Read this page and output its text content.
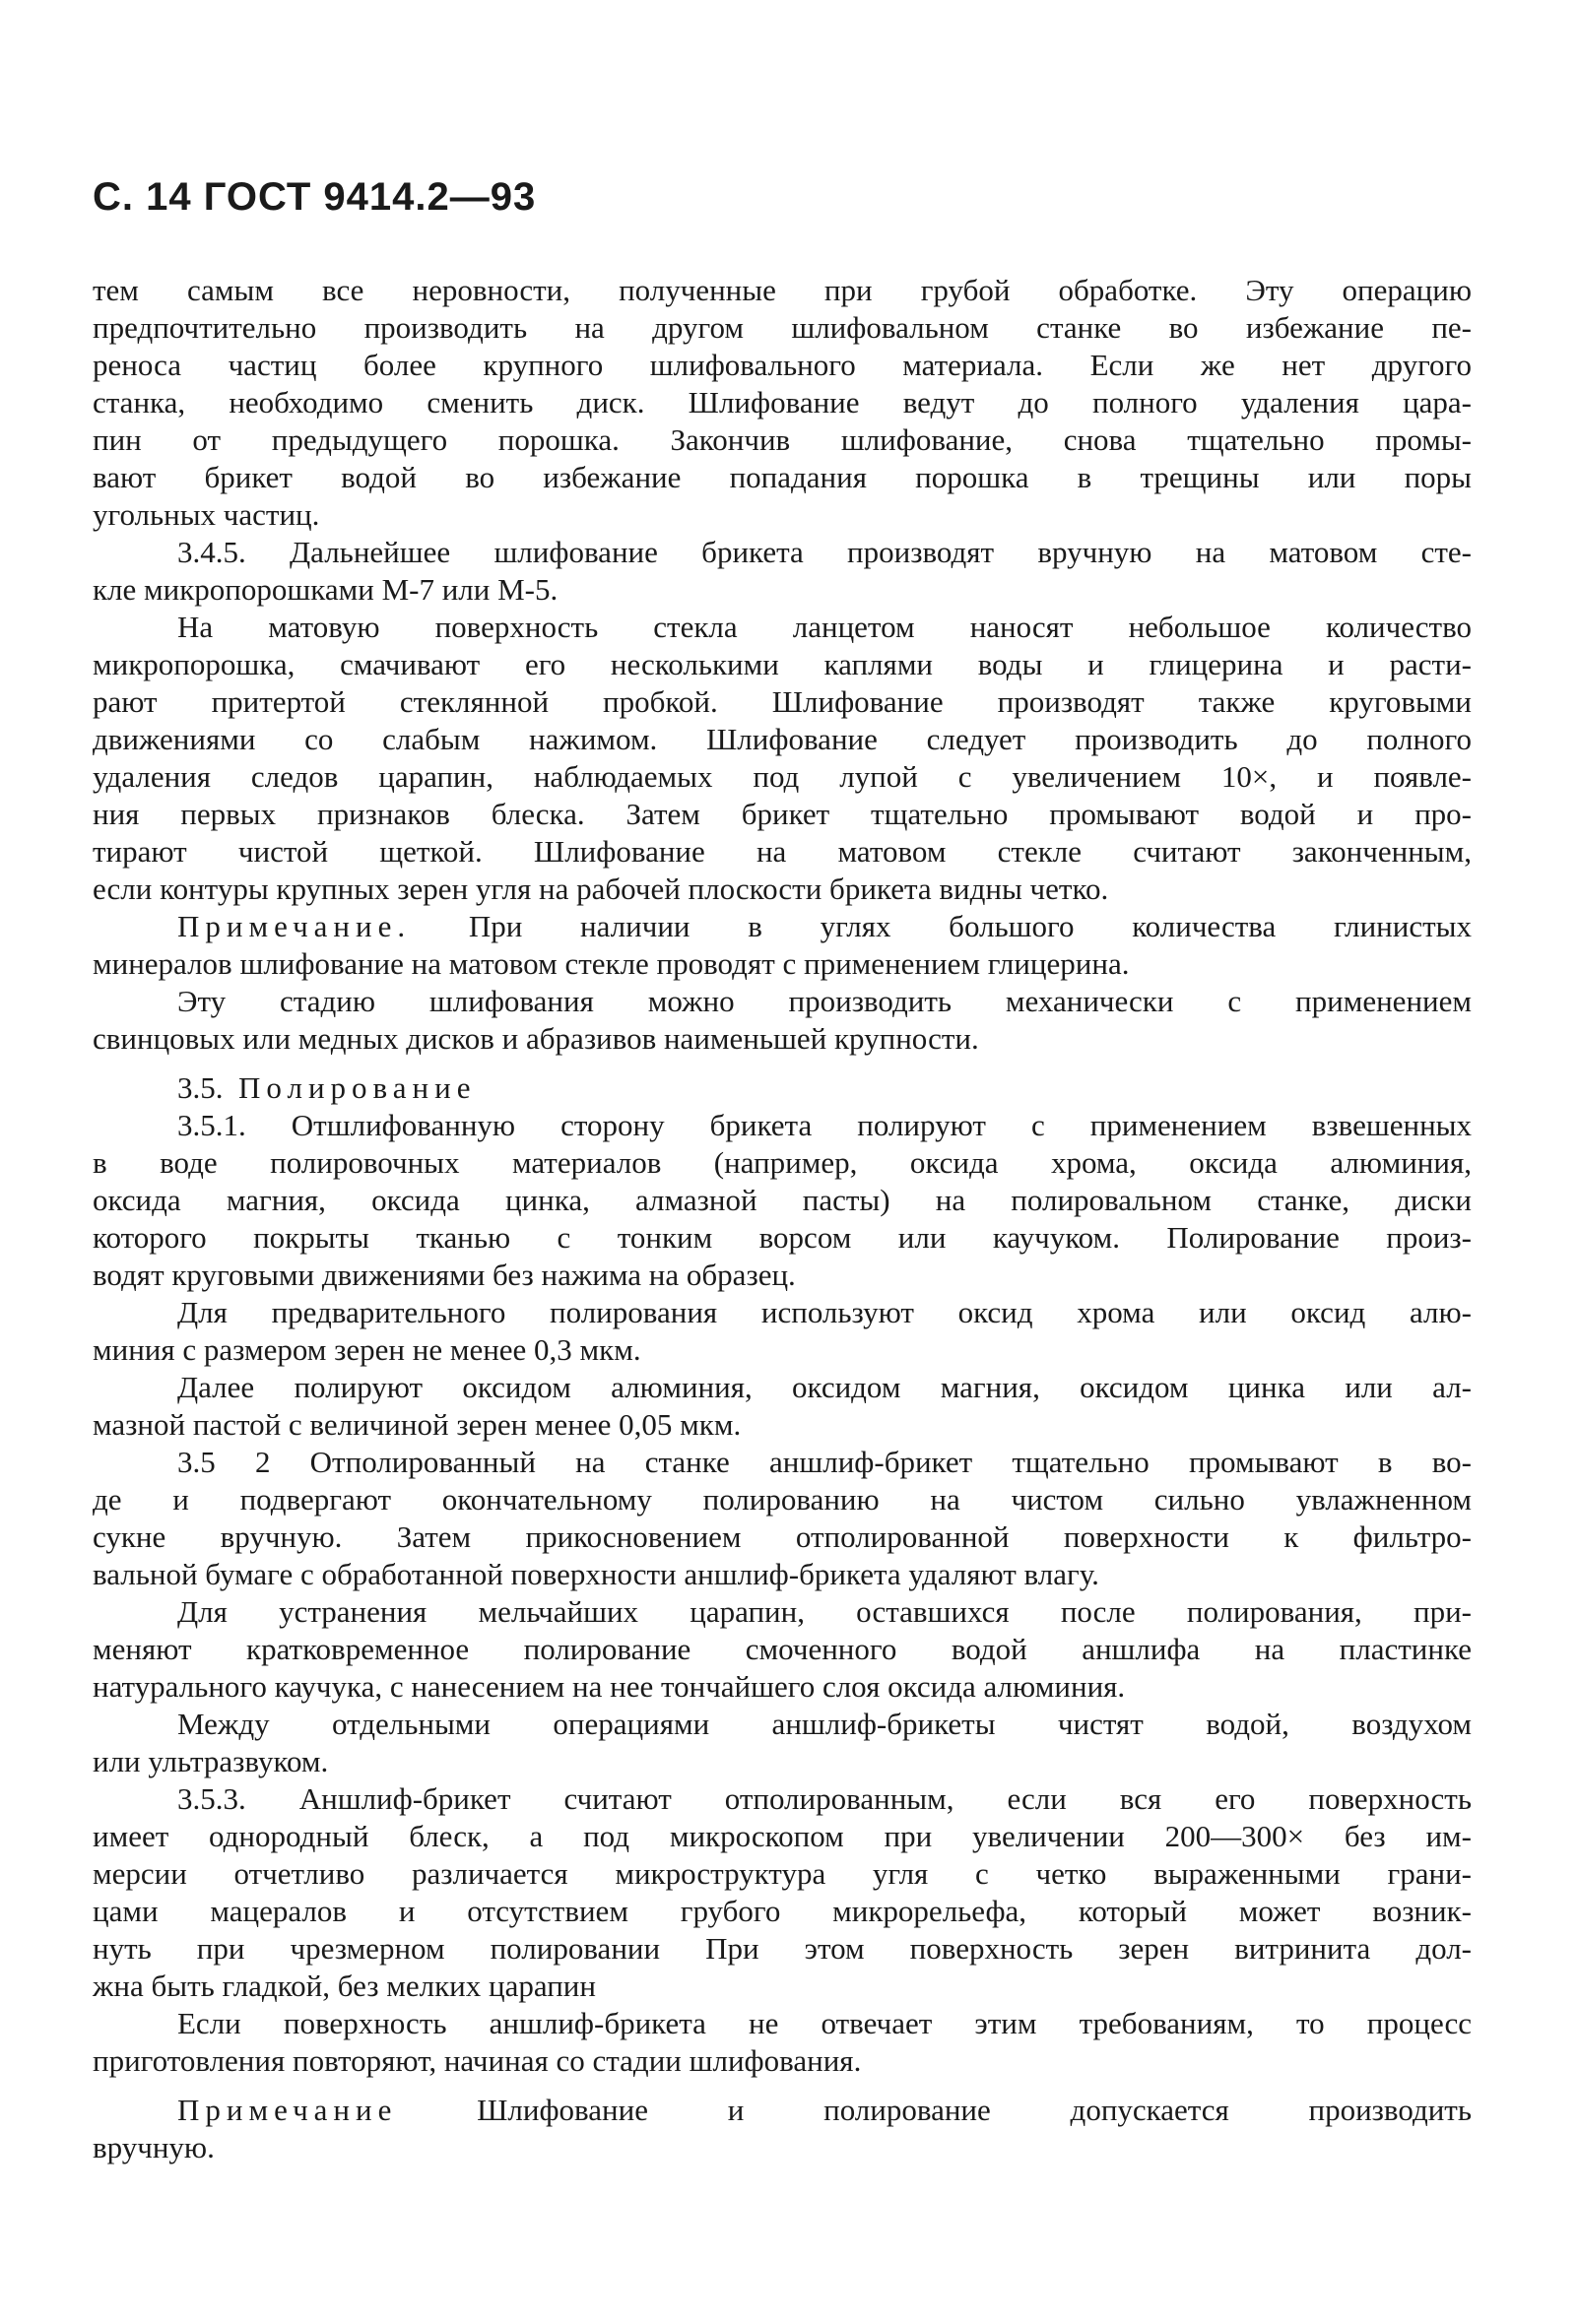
С. 14 ГОСТ 9414.2—93
тем самым все неровности, полученные при грубой обработке. Эту операцию
предпочтительно производить на другом шлифовальном станке во избежание пе-
реноса частиц более крупного шлифовального материала. Если же нет другого
станка, необходимо сменить диск. Шлифование ведут до полного удаления цара-
пин от предыдущего порошка. Закончив шлифование, снова тщательно промы-
вают брикет водой во избежание попадания порошка в трещины или поры
угольных частиц.
3.4.5. Дальнейшее шлифование брикета производят вручную на матовом сте-
кле микропорошками М-7 или М-5.
На матовую поверхность стекла ланцетом наносят небольшое количество
микропорошка, смачивают его несколькими каплями воды и глицерина и расти-
рают притертой стеклянной пробкой. Шлифование производят также круговыми
движениями со слабым нажимом. Шлифование следует производить до полного
удаления следов царапин, наблюдаемых под лупой с увеличением 10×, и появле-
ния первых признаков блеска. Затем брикет тщательно промывают водой и про-
тирают чистой щеткой. Шлифование на матовом стекле считают законченным,
если контуры крупных зерен угля на рабочей плоскости брикета видны четко.
Примечание. При наличии в углях большого количества глинистых
минералов шлифование на матовом стекле проводят с применением глицерина.
Эту стадию шлифования можно производить механически с применением
свинцовых или медных дисков и абразивов наименьшей крупности.
3.5.  Полирование
3.5.1. Отшлифованную сторону брикета полируют с применением взвешенных
в воде полировочных материалов (например, оксида хрома, оксида алюминия,
оксида магния, оксида цинка, алмазной пасты) на полировальном станке, диски
которого покрыты тканью с тонким ворсом или каучуком. Полирование произ-
водят круговыми движениями без нажима на образец.
Для предварительного полирования используют оксид хрома или оксид алю-
миния с размером зерен не менее 0,3 мкм.
Далее полируют оксидом алюминия, оксидом магния, оксидом цинка или ал-
мазной пастой с величиной зерен менее 0,05 мкм.
3.5 2 Отполированный на станке аншлиф-брикет тщательно промывают в во-
де и подвергают окончательному полированию на чистом сильно увлажненном
сукне вручную. Затем прикосновением отполированной поверхности к фильтро-
вальной бумаге с обработанной поверхности аншлиф-брикета удаляют влагу.
Для устранения мельчайших царапин, оставшихся после полирования, при-
меняют кратковременное полирование смоченного водой аншлифа на пластинке
натурального каучука, с нанесением на нее тончайшего слоя оксида алюминия.
Между отдельными операциями аншлиф-брикеты чистят водой, воздухом
или ультразвуком.
3.5.3. Аншлиф-брикет считают отполированным, если вся его поверхность
имеет однородный блеск, а под микроскопом при увеличении 200—300× без им-
мерсии отчетливо различается микроструктура угля с четко выраженными грани-
цами мацералов и отсутствием грубого микрорельефа, который может возник-
нуть при чрезмерном полировании При этом поверхность зерен витринита дол-
жна быть гладкой, без мелких царапин
Если поверхность аншлиф-брикета не отвечает этим требованиям, то процесс
приготовления повторяют, начиная со стадии шлифования.
Примечание Шлифование и полирование допускается производить
вручную.
